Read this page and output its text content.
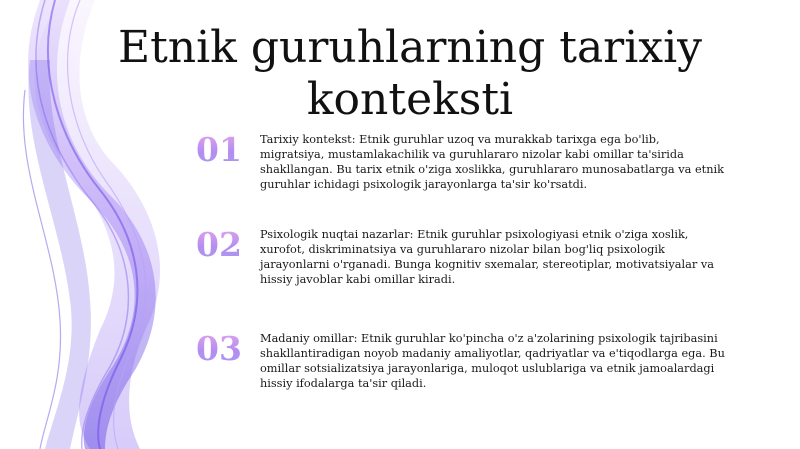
Etnik guruhlarning tarixiy konteksti
01	Tarixiy kontekst: Etnik guruhlar uzoq va murakkab tarixga ega bo'lib, migratsiya, mustamlakachilik va guruhlararo nizolar kabi omillar ta'sirida shakllangan. Bu tarix etnik o'ziga xoslikka, guruhlararo munosabatlarga va etnik guruhlar ichidagi psixologik jarayonlarga ta'sir ko'rsatdi.

02	Psixologik nuqtai nazarlar: Etnik guruhlar psixologiyasi etnik o'ziga xoslik, xurofot, diskriminatsiya va guruhlararo nizolar bilan bog'liq psixologik jarayonlarni o'rganadi. Bunga kognitiv sxemalar, stereotiplar, motivatsiyalar va hissiy javoblar kabi omillar kiradi.

03	Madaniy omillar: Etnik guruhlar ko'pincha o'z a'zolarining psixologik tajribasini shakllantiradigan noyob madaniy amaliyotlar, qadriyatlar va e'tiqodlarga ega. Bu omillar sotsializatsiya jarayonlariga, muloqot uslublariga va etnik jamoalardagi hissiy ifodalarga ta'sir qiladi.
